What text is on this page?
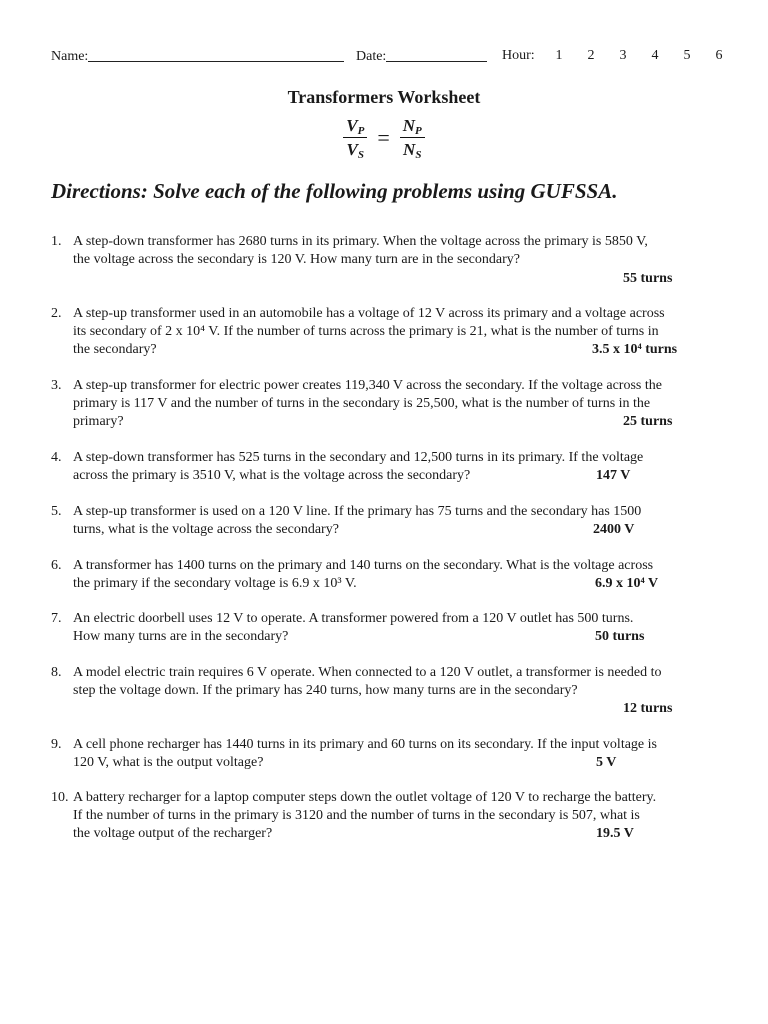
Name:	Date:	Hour: 1 2 3 4 5 6
Transformers Worksheet
$\frac{V_P}{V_S} = \frac{N_P}{N_S}$
Directions: Solve each of the following problems using GUFSSA.
1. A step-down transformer has 2680 turns in its primary. When the voltage across the primary is 5850 V,
the voltage across the secondary is 120 V. How many turn are in the secondary?
55 turns
2. A step-up transformer used in an automobile has a voltage of 12 V across its primary and a voltage across
its secondary of 2 x 10⁴ V. If the number of turns across the primary is 21, what is the number of turns in
the secondary?	3.5 x 10⁴ turns
3. A step-up transformer for electric power creates 119,340 V across the secondary. If the voltage across the
primary is 117 V and the number of turns in the secondary is 25,500, what is the number of turns in the
primary?	25 turns
4. A step-down transformer has 525 turns in the secondary and 12,500 turns in its primary. If the voltage
across the primary is 3510 V, what is the voltage across the secondary?	147 V
5. A step-up transformer is used on a 120 V line. If the primary has 75 turns and the secondary has 1500
turns, what is the voltage across the secondary?	2400 V
6. A transformer has 1400 turns on the primary and 140 turns on the secondary. What is the voltage across
the primary if the secondary voltage is 6.9 x 10³ V.	6.9 x 10⁴ V
7. An electric doorbell uses 12 V to operate. A transformer powered from a 120 V outlet has 500 turns.
How many turns are in the secondary?	50 turns
8. A model electric train requires 6 V operate. When connected to a 120 V outlet, a transformer is needed to
step the voltage down. If the primary has 240 turns, how many turns are in the secondary?
12 turns
9. A cell phone recharger has 1440 turns in its primary and 60 turns on its secondary. If the input voltage is
120 V, what is the output voltage?	5 V
10. A battery recharger for a laptop computer steps down the outlet voltage of 120 V to recharge the battery.
If the number of turns in the primary is 3120 and the number of turns in the secondary is 507, what is
the voltage output of the recharger?	19.5 V
